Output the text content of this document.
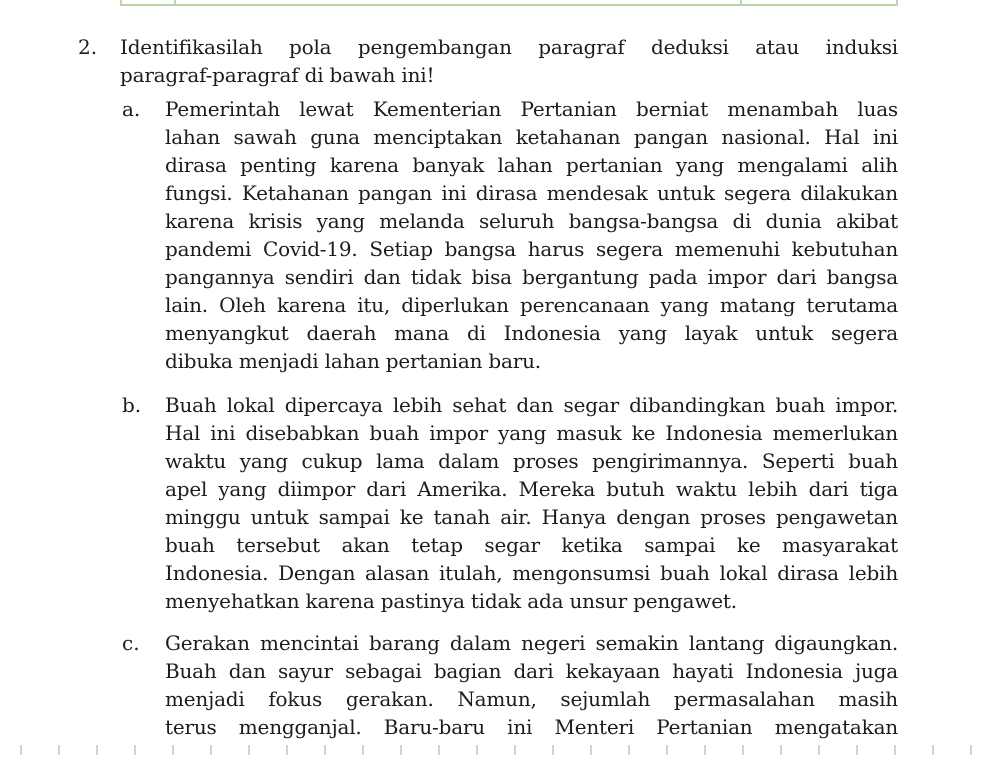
2. Identifikasilah pola pengembangan paragraf deduksi atau induksi
paragraf-paragraf di bawah ini!
a. Pemerintah lewat Kementerian Pertanian berniat menambah luas
lahan sawah guna menciptakan ketahanan pangan nasional. Hal ini
dirasa penting karena banyak lahan pertanian yang mengalami alih
fungsi. Ketahanan pangan ini dirasa mendesak untuk segera dilakukan
karena krisis yang melanda seluruh bangsa-bangsa di dunia akibat
pandemi Covid-19. Setiap bangsa harus segera memenuhi kebutuhan
pangannya sendiri dan tidak bisa bergantung pada impor dari bangsa
lain. Oleh karena itu, diperlukan perencanaan yang matang terutama
menyangkut daerah mana di Indonesia yang layak untuk segera
dibuka menjadi lahan pertanian baru.
b. Buah lokal dipercaya lebih sehat dan segar dibandingkan buah impor.
Hal ini disebabkan buah impor yang masuk ke Indonesia memerlukan
waktu yang cukup lama dalam proses pengirimannya. Seperti buah
apel yang diimpor dari Amerika. Mereka butuh waktu lebih dari tiga
minggu untuk sampai ke tanah air. Hanya dengan proses pengawetan
buah tersebut akan tetap segar ketika sampai ke masyarakat
Indonesia. Dengan alasan itulah, mengonsumsi buah lokal dirasa lebih
menyehatkan karena pastinya tidak ada unsur pengawet.
c. Gerakan mencintai barang dalam negeri semakin lantang digaungkan.
Buah dan sayur sebagai bagian dari kekayaan hayati Indonesia juga
menjadi fokus gerakan. Namun, sejumlah permasalahan masih
terus mengganjal. Baru-baru ini Menteri Pertanian mengatakan
